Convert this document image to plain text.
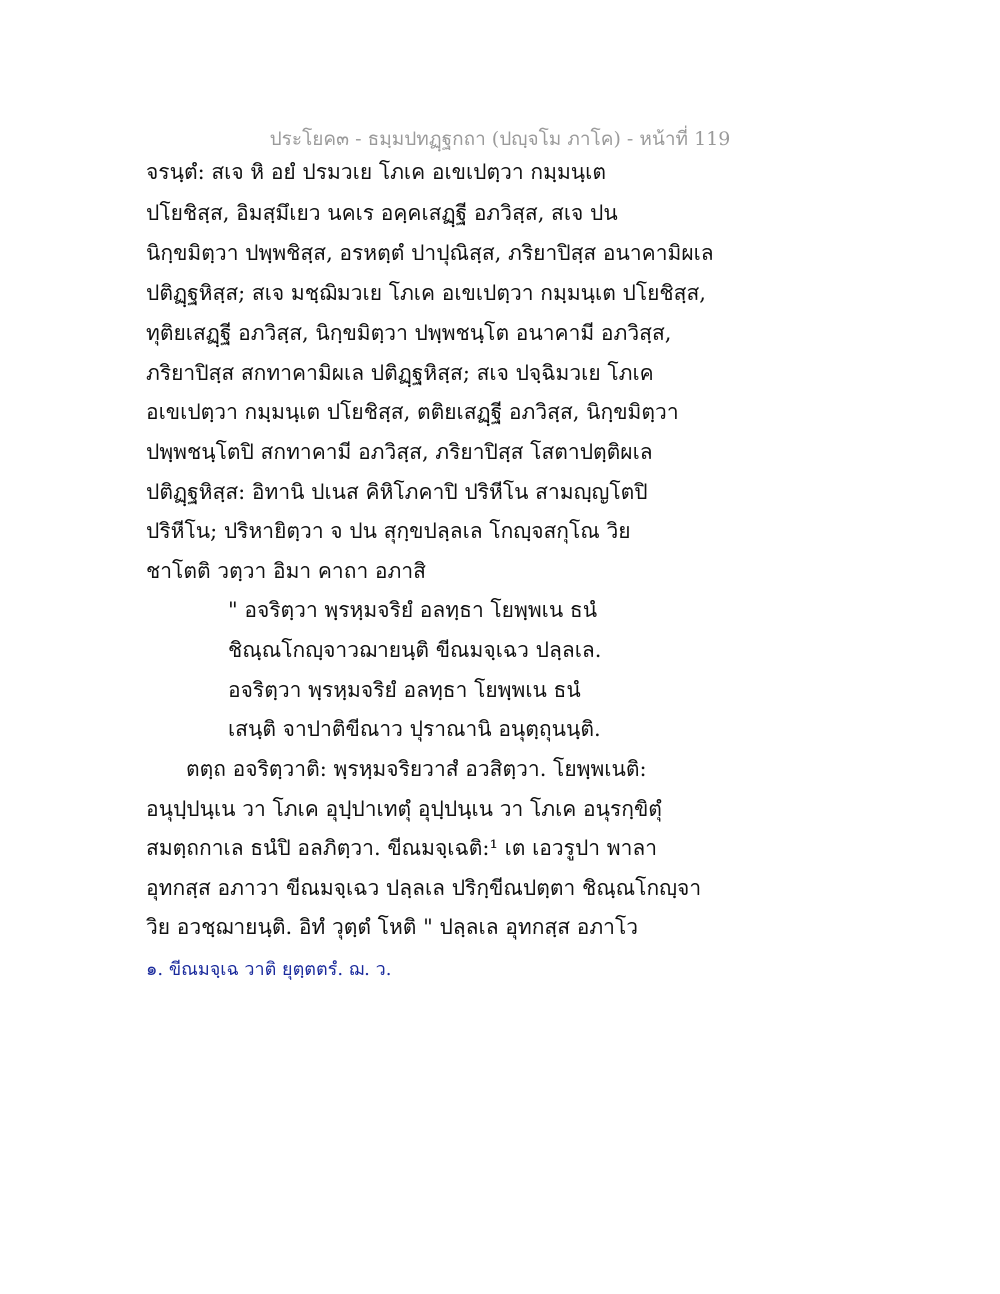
ประโยค๓ - ธมฺมปทฏฺฐกถา (ปญฺจโม ภาโค) - หน้าที่ 119
จรนฺตํ: สเจ หิ อยํ ปรมวเย โภเค อเขเปตฺวา กมฺมนฺเต
ปโยชิสฺส, อิมสฺมึเยว นคเร อคฺคเสฏฺฐี อภวิสฺส, สเจ ปน
นิกฺขมิตฺวา ปพฺพชิสฺส, อรหตฺตํ ปาปุณิสฺส, ภริยาปิสฺส อนาคามิผเล
ปติฏฺฐหิสฺส; สเจ มชฺฌิมวเย โภเค อเขเปตฺวา กมฺมนฺเต ปโยชิสฺส,
ทุติยเสฏฺฐี อภวิสฺส, นิกฺขมิตฺวา ปพฺพชนฺโต อนาคามี อภวิสฺส,
ภริยาปิสฺส สกทาคามิผเล ปติฏฺฐหิสฺส; สเจ ปจฺฉิมวเย โภเค
อเขเปตฺวา กมฺมนฺเต ปโยชิสฺส, ตติยเสฏฺฐี อภวิสฺส, นิกฺขมิตฺวา
ปพฺพชนฺโตปิ สกทาคามี อภวิสฺส, ภริยาปิสฺส โสตาปตฺติผเล
ปติฏฺฐหิสฺส: อิทานิ ปเนส คิหิโภคาปิ ปริหีโน สามญฺญโตปิ
ปริหีโน; ปริหายิตฺวา จ ปน สุกฺขปลฺลเล โกญฺจสกุโณ วิย
ชาโตติ วตฺวา อิมา คาถา อภาสิ
" อจริตฺวา พฺรหฺมจริยํ อลทฺธา โยพฺพเน ธนํ
ชิณฺณโกญฺจาวฌายนฺติ ขีณมจฺเฉว ปลฺลเล.
อจริตฺวา พฺรหฺมจริยํ อลทฺธา โยพฺพเน ธนํ
เสนฺติ จาปาติขีณาว ปุราณานิ อนุตฺถุนนฺติ.
ตตฺถ อจริตฺวาติ: พฺรหฺมจริยวาสํ อวสิตฺวา. โยพฺพเนติ:
อนุปฺปนฺเน วา โภเค อุปฺปาเทตุํ อุปฺปนฺเน วา โภเค อนุรกฺขิตุํ
สมตฺถกาเล ธนํปิ อลภิตฺวา. ขีณมจฺเฉติ:¹ เต เอวรูปา พาลา
อุทกสฺส อภาวา ขีณมจฺเฉว ปลฺลเล ปริกฺขีณปตฺตา ชิณฺณโกญฺจา
วิย อวชฺฌายนฺติ. อิทํ วุตฺตํ โหติ " ปลฺลเล อุทกสฺส อภาโว
๑. ขีณมจฺเฉ วาติ ยุตฺตตรํ. ฌ. ว.
